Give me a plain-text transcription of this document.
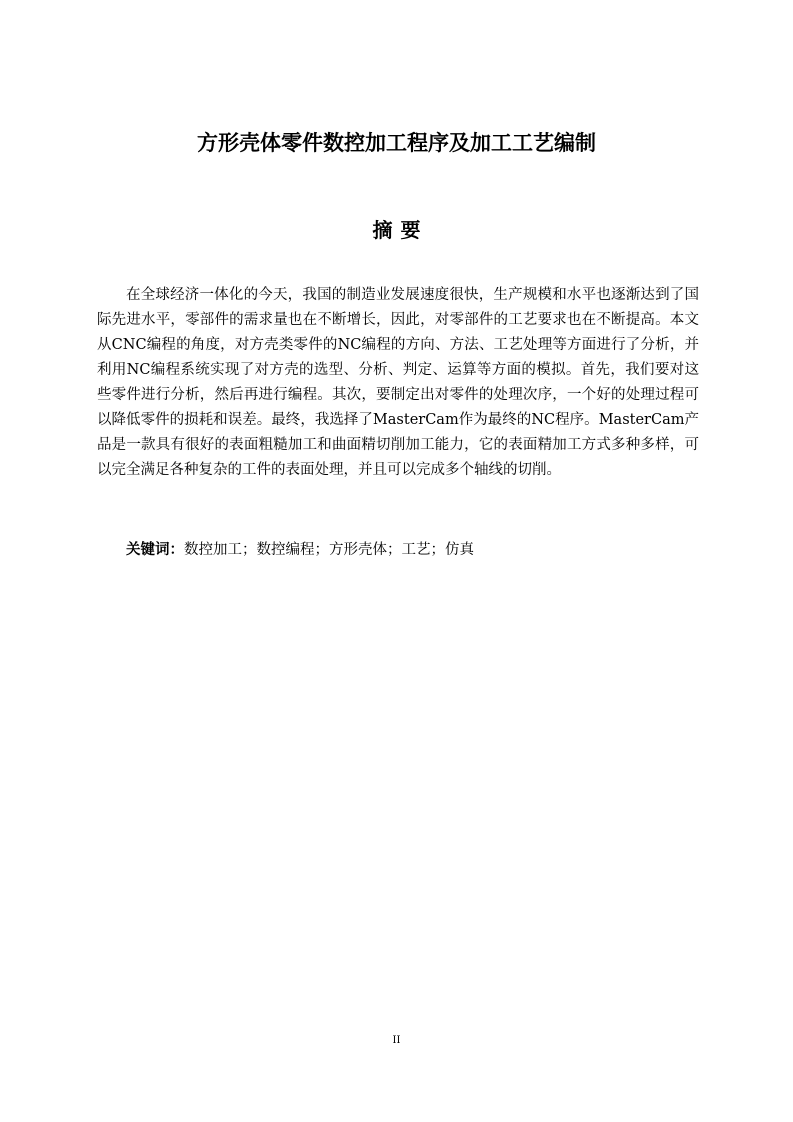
方形壳体零件数控加工程序及加工工艺编制
摘要

在全球经济一体化的今天，我国的制造业发展速度很快，生产规模和水平也逐渐达到了国际先进水平，零部件的需求量也在不断增长，因此，对零部件的工艺要求也在不断提高。本文从CNC编程的角度，对方壳类零件的NC编程的方向、方法、工艺处理等方面进行了分析，并利用NC编程系统实现了对方壳的选型、分析、判定、运算等方面的模拟。首先，我们要对这些零件进行分析，然后再进行编程。其次，要制定出对零件的处理次序，一个好的处理过程可以降低零件的损耗和误差。最终，我选择了MasterCam作为最终的NC程序。MasterCam产品是一款具有很好的表面粗糙加工和曲面精切削加工能力，它的表面精加工方式多种多样，可以完全满足各种复杂的工件的表面处理，并且可以完成多个轴线的切削。

关键词：数控加工；数控编程；方形壳体；工艺；仿真

II
